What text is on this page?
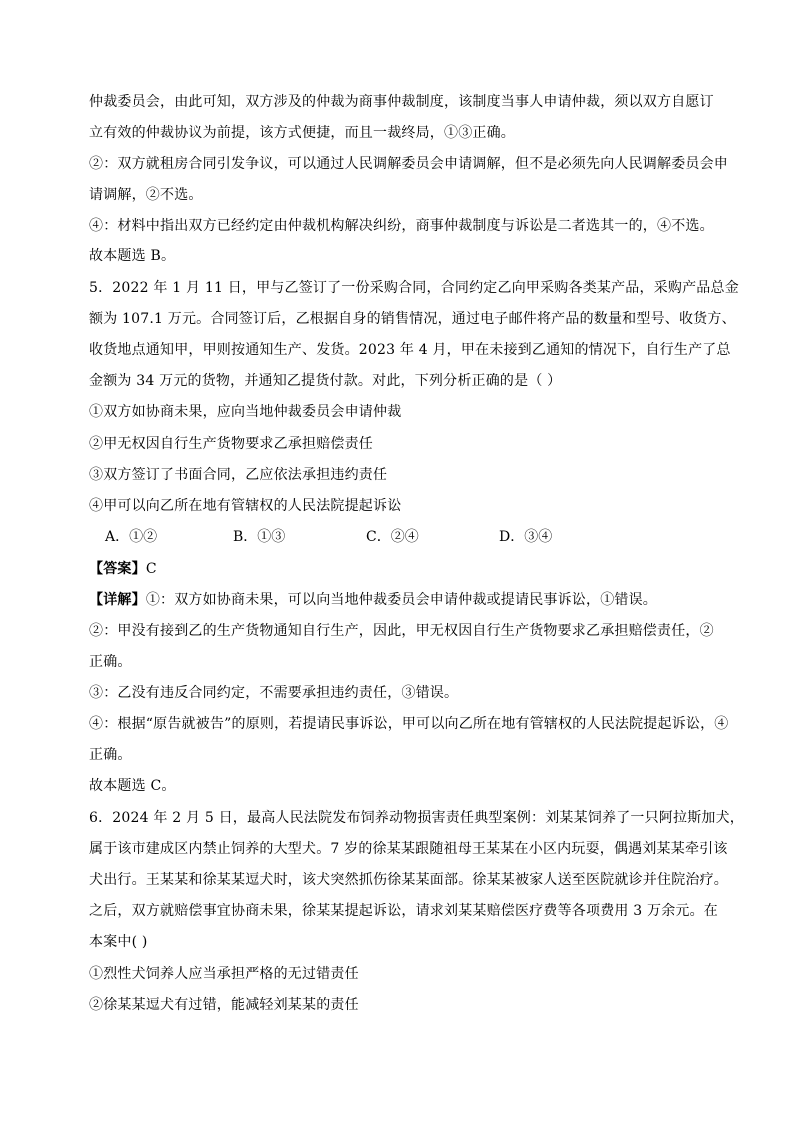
仲裁委员会，由此可知，双方涉及的仲裁为商事仲裁制度，该制度当事人申请仲裁，须以双方自愿订
立有效的仲裁协议为前提，该方式便捷，而且一裁终局，①③正确。
②：双方就租房合同引发争议，可以通过人民调解委员会申请调解，但不是必须先向人民调解委员会申
请调解，②不选。
④：材料中指出双方已经约定由仲裁机构解决纠纷，商事仲裁制度与诉讼是二者选其一的，④不选。
故本题选 B。
5．2022 年 1 月 11 日，甲与乙签订了一份采购合同，合同约定乙向甲采购各类某产品，采购产品总金
额为 107.1 万元。合同签订后，乙根据自身的销售情况，通过电子邮件将产品的数量和型号、收货方、
收货地点通知甲，甲则按通知生产、发货。2023 年 4 月，甲在未接到乙通知的情况下，自行生产了总
金额为 34 万元的货物，并通知乙提货付款。对此，下列分析正确的是（ ）
①双方如协商未果，应向当地仲裁委员会申请仲裁
②甲无权因自行生产货物要求乙承担赔偿责任
③双方签订了书面合同，乙应依法承担违约责任
④甲可以向乙所在地有管辖权的人民法院提起诉讼
A．①②	B．①③	C．②④	D．③④
【答案】C
【详解】①：双方如协商未果，可以向当地仲裁委员会申请仲裁或提请民事诉讼，①错误。
②：甲没有接到乙的生产货物通知自行生产，因此，甲无权因自行生产货物要求乙承担赔偿责任，②
正确。
③：乙没有违反合同约定，不需要承担违约责任，③错误。
④：根据“原告就被告”的原则，若提请民事诉讼，甲可以向乙所在地有管辖权的人民法院提起诉讼，④
正确。
故本题选 C。
6．2024 年 2 月 5 日，最高人民法院发布饲养动物损害责任典型案例：刘某某饲养了一只阿拉斯加犬，
属于该市建成区内禁止饲养的大型犬。7 岁的徐某某跟随祖母王某某在小区内玩耍，偶遇刘某某牵引该
犬出行。王某某和徐某某逗犬时，该犬突然抓伤徐某某面部。徐某某被家人送至医院就诊并住院治疗。
之后，双方就赔偿事宜协商未果，徐某某提起诉讼，请求刘某某赔偿医疗费等各项费用 3 万余元。在
本案中( )
①烈性犬饲养人应当承担严格的无过错责任
②徐某某逗犬有过错，能减轻刘某某的责任
